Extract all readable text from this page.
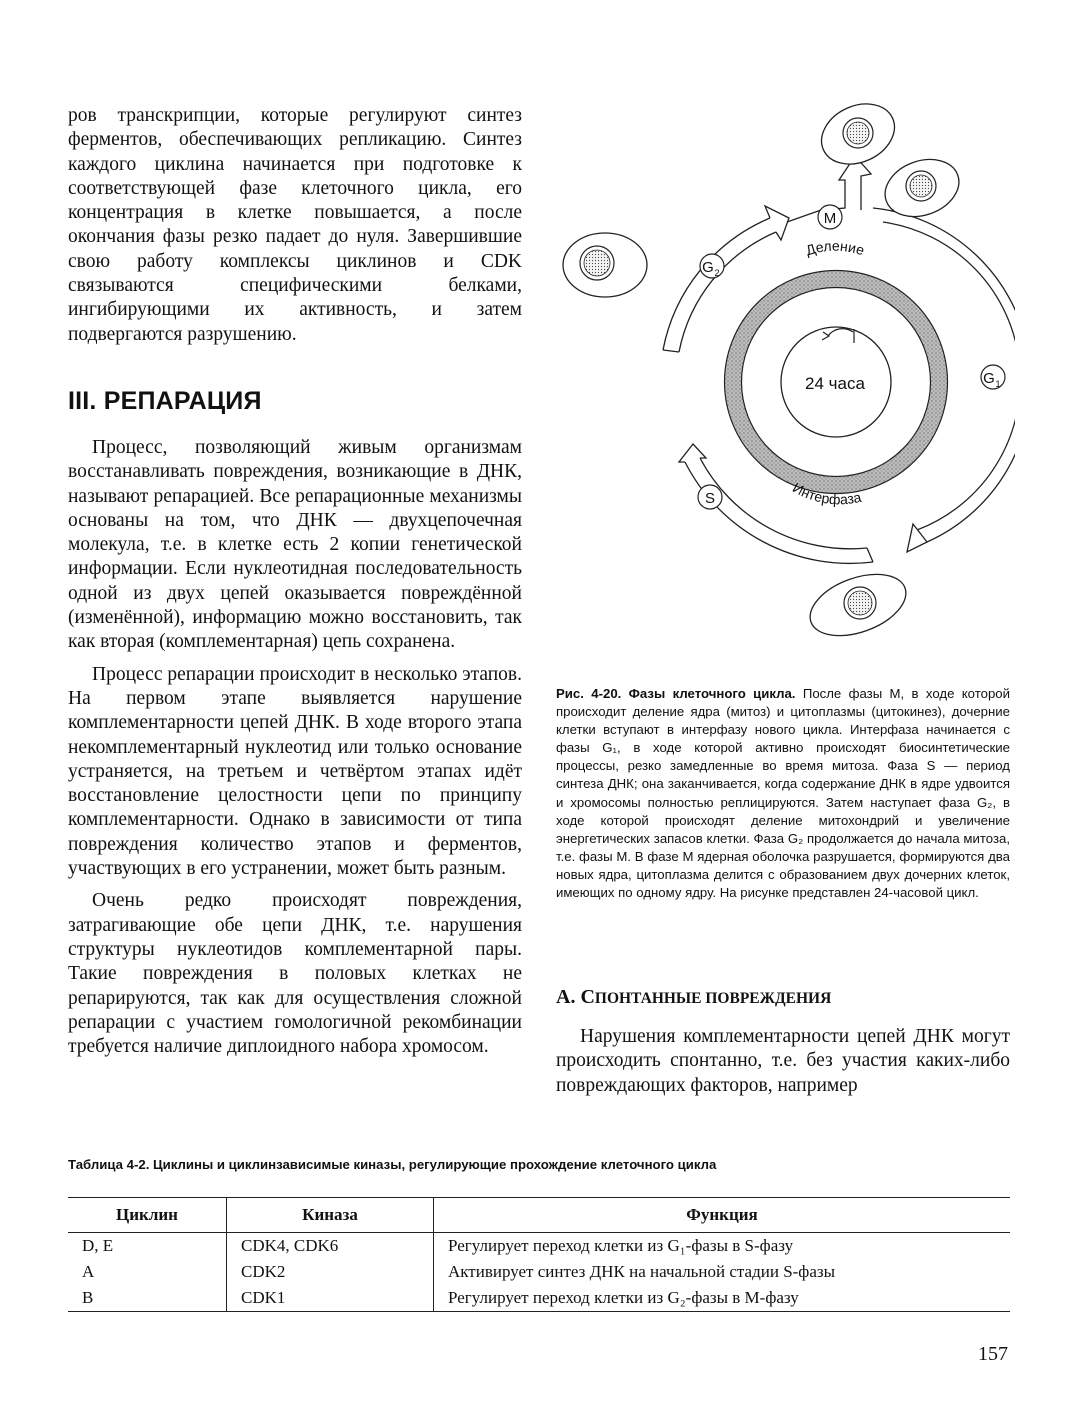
ров транскрипции, которые регулируют синтез ферментов, обеспечивающих репликацию. Синтез каждого циклина начинается при подготовке к соответствующей фазе клеточного цикла, его концентрация в клетке повышается, а после окончания фазы резко падает до нуля. Завершившие свою работу комплексы циклинов и CDK связываются специфическими белками, ингибирующими их активность, и затем подвергаются разрушению.

III. РЕПАРАЦИЯ

Процесс, позволяющий живым организмам восстанавливать повреждения, возникающие в ДНК, называют репарацией. Все репарационные механизмы основаны на том, что ДНК — двухцепочечная молекула, т.е. в клетке есть 2 копии генетической информации. Если нуклеотидная последовательность одной из двух цепей оказывается повреждённой (изменённой), информацию можно восстановить, так как вторая (комплементарная) цепь сохранена.

Процесс репарации происходит в несколько этапов. На первом этапе выявляется нарушение комплементарности цепей ДНК. В ходе второго этапа некомплементарный нуклеотид или только основание устраняется, на третьем и четвёртом этапах идёт восстановление целостности цепи по принципу комплементарности. Однако в зависимости от типа повреждения количество этапов и ферментов, участвующих в его устранении, может быть разным.

Очень редко происходят повреждения, затрагивающие обе цепи ДНК, т.е. нарушения структуры нуклеотидов комплементарной пары. Такие повреждения в половых клетках не репарируются, так как для осуществления сложной репарации с участием гомологичной рекомбинации требуется наличие диплоидного набора хромосом.

24 часа
Деление
Интерфаза
M
G 2
G 1
S

Рис. 4-20. Фазы клеточного цикла. После фазы М, в ходе которой происходит деление ядра (митоз) и цитоплазмы (цитокинез), дочерние клетки вступают в интерфазу нового цикла. Интерфаза начинается с фазы G₁, в ходе которой активно происходят биосинтетические процессы, резко замедленные во время митоза. Фаза S — период синтеза ДНК; она заканчивается, когда содержание ДНК в ядре удвоится и хромосомы полностью реплицируются. Затем наступает фаза G₂, в ходе которой происходят деление митохондрий и увеличение энергетических запасов клетки. Фаза G₂ продолжается до начала митоза, т.е. фазы М. В фазе М ядерная оболочка разрушается, формируются два новых ядра, цитоплазма делится с образованием двух дочерних клеток, имеющих по одному ядру. На рисунке представлен 24-часовой цикл.

А. СПОНТАННЫЕ ПОВРЕЖДЕНИЯ

Нарушения комплементарности цепей ДНК могут происходить спонтанно, т.е. без участия каких-либо повреждающих факторов, например

Таблица 4-2. Циклины и циклинзависимые киназы, регулирующие прохождение клеточного цикла

Циклин	Киназа	Функция
D, E	CDK4, CDK6	Регулирует переход клетки из G₁-фазы в S-фазу
A	CDK2	Активирует синтез ДНК на начальной стадии S-фазы
B	CDK1	Регулирует переход клетки из G₂-фазы в М-фазу

157
